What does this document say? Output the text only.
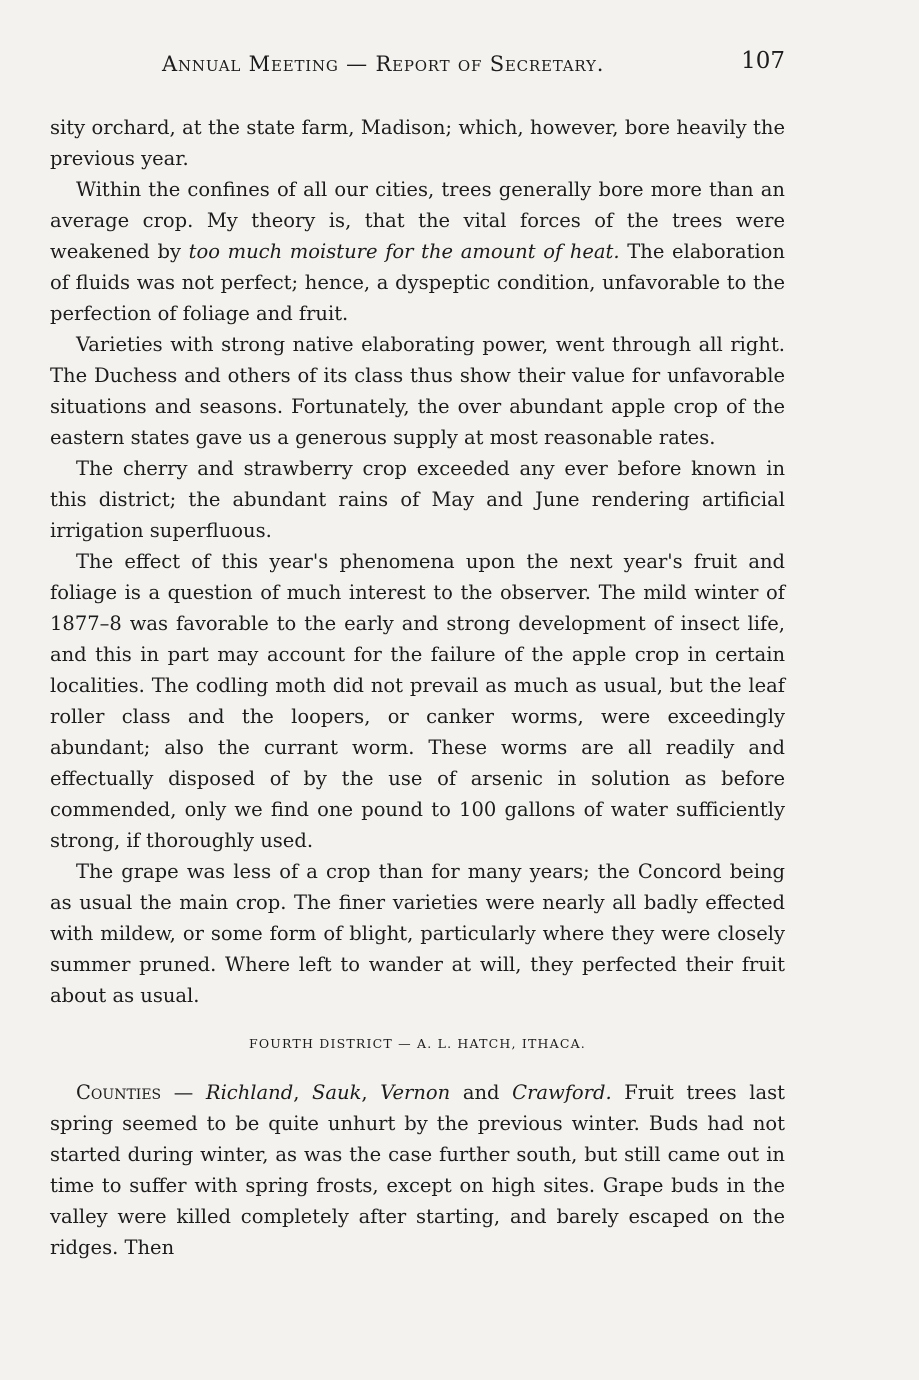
Annual Meeting — Report of Secretary.	107

sity orchard, at the state farm, Madison; which, however, bore heavily the previous year.

Within the confines of all our cities, trees generally bore more than an average crop. My theory is, that the vital forces of the trees were weakened by too much moisture for the amount of heat. The elaboration of fluids was not perfect; hence, a dyspeptic condition, unfavorable to the perfection of foliage and fruit.

Varieties with strong native elaborating power, went through all right. The Duchess and others of its class thus show their value for unfavorable situations and seasons. Fortunately, the over abundant apple crop of the eastern states gave us a generous supply at most reasonable rates.

The cherry and strawberry crop exceeded any ever before known in this district; the abundant rains of May and June rendering artificial irrigation superfluous.

The effect of this year's phenomena upon the next year's fruit and foliage is a question of much interest to the observer. The mild winter of 1877–8 was favorable to the early and strong development of insect life, and this in part may account for the failure of the apple crop in certain localities. The codling moth did not prevail as much as usual, but the leaf roller class and the loopers, or canker worms, were exceedingly abundant; also the currant worm. These worms are all readily and effectually disposed of by the use of arsenic in solution as before commended, only we find one pound to 100 gallons of water sufficiently strong, if thoroughly used.

The grape was less of a crop than for many years; the Concord being as usual the main crop. The finer varieties were nearly all badly effected with mildew, or some form of blight, particularly where they were closely summer pruned. Where left to wander at will, they perfected their fruit about as usual.

FOURTH DISTRICT — A. L. HATCH, ITHACA.

Counties — Richland, Sauk, Vernon and Crawford. Fruit trees last spring seemed to be quite unhurt by the previous winter. Buds had not started during winter, as was the case further south, but still came out in time to suffer with spring frosts, except on high sites. Grape buds in the valley were killed completely after starting, and barely escaped on the ridges. Then
